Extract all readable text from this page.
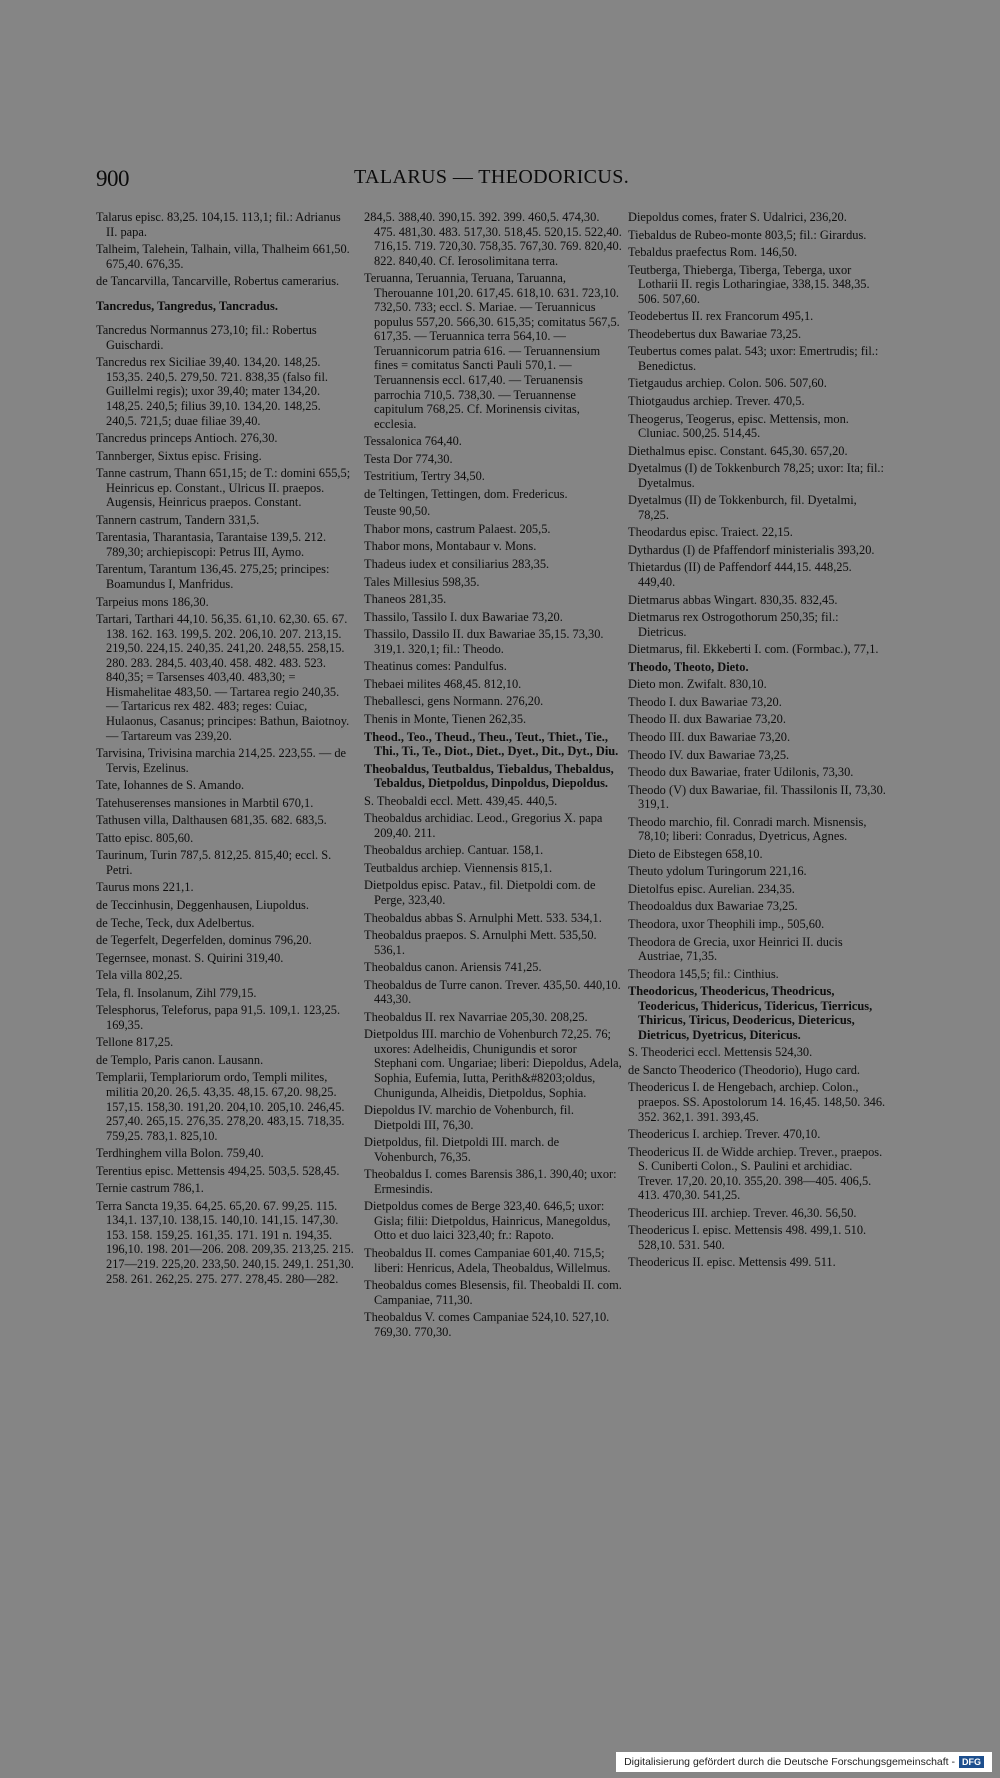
900	TALARUS — THEODORICUS.
Talarus episc. 83,25. 104,15. 113,1; fil.: Adrianus II. papa.
Talheim, Talehein, Talhain, villa, Thalheim 661,50. 675,40. 676,35.
de Tancarvilla, Tancarville, Robertus camerarius.
Tancredus, Tangredus, Tancradus.
Tancredus Normannus 273,10; fil.: Robertus Guischardi.
Tancredus rex Siciliae 39,40. 134,20. 148,25. 153,35. 240,5. 279,50. 721. 838,35 (falso fil. Guillelmi regis); uxor 39,40; mater 134,20. 148,25. 240,5; filius 39,10. 134,20. 148,25. 240,5. 721,5; duae filiae 39,40.
Tancredus princeps Antioch. 276,30.
Tannberger, Sixtus episc. Frising.
Tanne castrum, Thann 651,15; de T.: domini 655,5; Heinricus ep. Constant., Ulricus II. praepos. Augensis, Heinricus praepos. Constant.
Tannern castrum, Tandern 331,5.
Tarentasia, Tharantasia, Tarantaise 139,5. 212. 789,30; archiepiscopi: Petrus III, Aymo.
Tarentum, Tarantum 136,45. 275,25; principes: Boamundus I, Manfridus.
Tarpeius mons 186,30.
Tartari, Tarthari 44,10. 56,35. 61,10. 62,30. 65. 67. 138. 162. 163. 199,5. 202. 206,10. 207. 213,15. 219,50. 224,15. 240,35. 241,20. 248,55. 258,15. 280. 283. 284,5. 403,40. 458. 482. 483. 523. 840,35; = Tarsenses 403,40. 483,30; = Hismahelitae 483,50. — Tartarea regio 240,35. — Tartaricus rex 482. 483; reges: Cuiac, Hulaonus, Casanus; principes: Bathun, Baiotnoy. — Tartareum vas 239,20.
Tarvisina, Trivisina marchia 214,25. 223,55. — de Tervis, Ezelinus.
Tate, Iohannes de S. Amando.
Tatehuserenses mansiones in Marbtil 670,1.
Tathusen villa, Dalthausen 681,35. 682. 683,5.
Tatto episc. 805,60.
Taurinum, Turin 787,5. 812,25. 815,40; eccl. S. Petri.
Taurus mons 221,1.
de Teccinhusin, Deggenhausen, Liupoldus.
de Teche, Teck, dux Adelbertus.
de Tegerfelt, Degerfelden, dominus 796,20.
Tegernsee, monast. S. Quirini 319,40.
Tela villa 802,25.
Tela, fl. Insolanum, Zihl 779,15.
Telesphorus, Teleforus, papa 91,5. 109,1. 123,25. 169,35.
Tellone 817,25.
de Templo, Paris canon. Lausann.
Templarii, Templariorum ordo, Templi milites, militia 20,20. 26,5. 43,35. 48,15. 67,20. 98,25. 157,15. 158,30. 191,20. 204,10. 205,10. 246,45. 257,40. 265,15. 276,35. 278,20. 483,15. 718,35. 759,25. 783,1. 825,10.
Terdhinghem villa Bolon. 759,40.
Terentius episc. Mettensis 494,25. 503,5. 528,45.
Ternie castrum 786,1.
Terra Sancta 19,35. 64,25. 65,20. 67. 99,25. 115. 134,1. 137,10. 138,15. 140,10. 141,15. 147,30. 153. 158. 159,25. 161,35. 171. 191 n. 194,35. 196,10. 198. 201—206. 208. 209,35. 213,25. 215. 217—219. 225,20. 233,50. 240,15. 249,1. 251,30. 258. 261. 262,25. 275. 277. 278,45. 280—282.
284,5. 388,40. 390,15. 392. 399. 460,5. 474,30. 475. 481,30. 483. 517,30. 518,45. 520,15. 522,40. 716,15. 719. 720,30. 758,35. 767,30. 769. 820,40. 822. 840,40. Cf. Ierosolimitana terra.
Teruanna, Teruannia, Teruana, Taruanna, Therouanne 101,20. 617,45. 618,10. 631. 723,10. 732,50. 733; eccl. S. Mariae. — Teruannicus populus 557,20. 566,30. 615,35; comitatus 567,5. 617,35. — Teruannica terra 564,10. — Teruannicorum patria 616. — Teruannensium fines = comitatus Sancti Pauli 570,1. — Teruannensis eccl. 617,40. — Teruanensis parrochia 710,5. 738,30. — Teruannense capitulum 768,25. Cf. Morinensis civitas, ecclesia.
Tessalonica 764,40.
Testa Dor 774,30.
Testritium, Tertry 34,50.
de Teltingen, Tettingen, dom. Fredericus.
Teuste 90,50.
Thabor mons, castrum Palaest. 205,5.
Thabor mons, Montabaur v. Mons.
Thadeus iudex et consiliarius 283,35.
Tales Millesius 598,35.
Thaneos 281,35.
Thassilo, Tassilo I. dux Bawariae 73,20.
Thassilo, Dassilo II. dux Bawariae 35,15. 73,30. 319,1. 320,1; fil.: Theodo.
Theatinus comes: Pandulfus.
Thebaei milites 468,45. 812,10.
Theballesci, gens Normann. 276,20.
Thenis in Monte, Tienen 262,35.
Theod., Teo., Theud., Theu., Teut., Thiet., Tie., Thi., Ti., Te., Diot., Diet., Dyet., Dit., Dyt., Diu.
Theobaldus, Teutbaldus, Tiebaldus, Thebaldus, Tebaldus, Dietpoldus, Dinpoldus, Diepoldus.
S. Theobaldi eccl. Mett. 439,45. 440,5.
Theobaldus archidiac. Leod., Gregorius X. papa 209,40. 211.
Theobaldus archiep. Cantuar. 158,1.
Teutbaldus archiep. Viennensis 815,1.
Dietpoldus episc. Patav., fil. Dietpoldi com. de Perge, 323,40.
Theobaldus abbas S. Arnulphi Mett. 533. 534,1.
Theobaldus praepos. S. Arnulphi Mett. 535,50. 536,1.
Theobaldus canon. Ariensis 741,25.
Theobaldus de Turre canon. Trever. 435,50. 440,10. 443,30.
Theobaldus II. rex Navarriae 205,30. 208,25.
Dietpoldus III. marchio de Vohenburch 72,25. 76; uxores: Adelheidis, Chunigundis et soror Stephani com. Ungariae; liberi: Diepoldus, Adela, Sophia, Eufemia, Iutta, Perith&#8203;oldus, Chunigunda, Alheidis, Dietpoldus, Sophia.
Diepoldus IV. marchio de Vohenburch, fil. Dietpoldi III, 76,30.
Dietpoldus, fil. Dietpoldi III. march. de Vohenburch, 76,35.
Theobaldus I. comes Barensis 386,1. 390,40; uxor: Ermesindis.
Dietpoldus comes de Berge 323,40. 646,5; uxor: Gisla; filii: Dietpoldus, Hainricus, Manegoldus, Otto et duo laici 323,40; fr.: Rapoto.
Theobaldus II. comes Campaniae 601,40. 715,5; liberi: Henricus, Adela, Theobaldus, Willelmus.
Theobaldus comes Blesensis, fil. Theobaldi II. com. Campaniae, 711,30.
Theobaldus V. comes Campaniae 524,10. 527,10. 769,30. 770,30.
Diepoldus comes, frater S. Udalrici, 236,20.
Tiebaldus de Rubeo-monte 803,5; fil.: Girardus.
Tebaldus praefectus Rom. 146,50.
Teutberga, Thieberga, Tiberga, Teberga, uxor Lotharii II. regis Lotharingiae, 338,15. 348,35. 506. 507,60.
Teodebertus II. rex Francorum 495,1.
Theodebertus dux Bawariae 73,25.
Teubertus comes palat. 543; uxor: Emertrudis; fil.: Benedictus.
Tietgaudus archiep. Colon. 506. 507,60.
Thiotgaudus archiep. Trever. 470,5.
Theogerus, Teogerus, episc. Mettensis, mon. Cluniac. 500,25. 514,45.
Diethalmus episc. Constant. 645,30. 657,20.
Dyetalmus (I) de Tokkenburch 78,25; uxor: Ita; fil.: Dyetalmus.
Dyetalmus (II) de Tokkenburch, fil. Dyetalmi, 78,25.
Theodardus episc. Traiect. 22,15.
Dythardus (I) de Pfaffendorf ministerialis 393,20.
Thietardus (II) de Paffendorf 444,15. 448,25. 449,40.
Dietmarus abbas Wingart. 830,35. 832,45.
Dietmarus rex Ostrogothorum 250,35; fil.: Dietricus.
Dietmarus, fil. Ekkeberti I. com. (Formbac.), 77,1.
Theodo, Theoto, Dieto.
Dieto mon. Zwifalt. 830,10.
Theodo I. dux Bawariae 73,20.
Theodo II. dux Bawariae 73,20.
Theodo III. dux Bawariae 73,20.
Theodo IV. dux Bawariae 73,25.
Theodo dux Bawariae, frater Udilonis, 73,30.
Theodo (V) dux Bawariae, fil. Thassilonis II, 73,30. 319,1.
Theodo marchio, fil. Conradi march. Misnensis, 78,10; liberi: Conradus, Dyetricus, Agnes.
Dieto de Eibstegen 658,10.
Theuto ydolum Turingorum 221,16.
Dietolfus episc. Aurelian. 234,35.
Theodoaldus dux Bawariae 73,25.
Theodora, uxor Theophili imp., 505,60.
Theodora de Grecia, uxor Heinrici II. ducis Austriae, 71,35.
Theodora 145,5; fil.: Cinthius.
Theodoricus, Theodericus, Theodricus, Teodericus, Thidericus, Tidericus, Tierricus, Thiricus, Tiricus, Deodericus, Dietericus, Dietricus, Dyetricus, Ditericus.
S. Theoderici eccl. Mettensis 524,30.
de Sancto Theoderico (Theodorio), Hugo card.
Theodericus I. de Hengebach, archiep. Colon., praepos. SS. Apostolorum 14. 16,45. 148,50. 346. 352. 362,1. 391. 393,45.
Theodericus I. archiep. Trever. 470,10.
Theodericus II. de Widde archiep. Trever., praepos. S. Cuniberti Colon., S. Paulini et archidiac. Trever. 17,20. 20,10. 355,20. 398—405. 406,5. 413. 470,30. 541,25.
Theodericus III. archiep. Trever. 46,30. 56,50.
Theodericus I. episc. Mettensis 498. 499,1. 510. 528,10. 531. 540.
Theodericus II. episc. Mettensis 499. 511.
Digitalisierung gefördert durch die Deutsche Forschungsgemeinschaft - DFG
